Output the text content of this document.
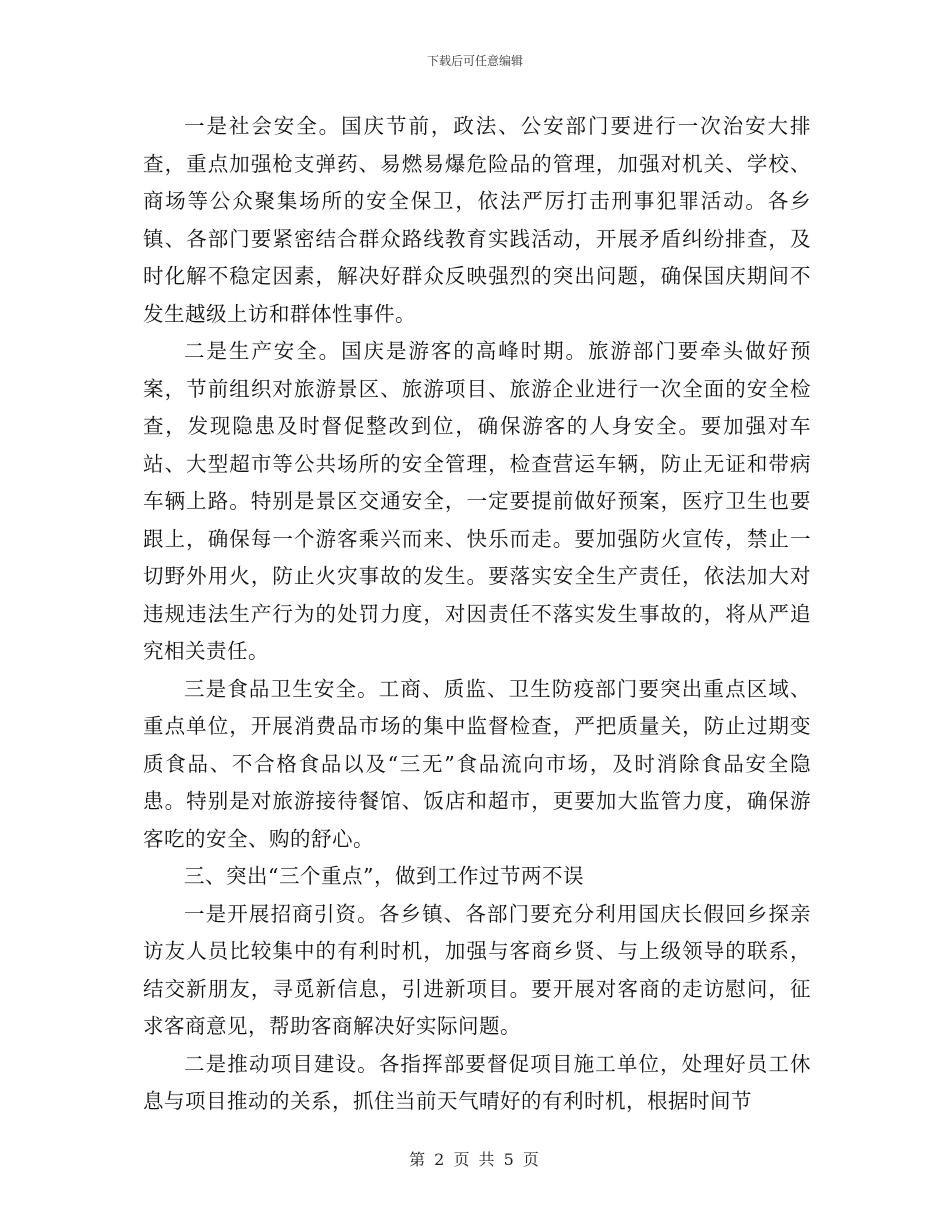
下载后可任意编辑

一是社会安全。国庆节前，政法、公安部门要进行一次治安大排查，重点加强枪支弹药、易燃易爆危险品的管理，加强对机关、学校、商场等公众聚集场所的安全保卫，依法严厉打击刑事犯罪活动。各乡镇、各部门要紧密结合群众路线教育实践活动，开展矛盾纠纷排查，及时化解不稳定因素，解决好群众反映强烈的突出问题，确保国庆期间不发生越级上访和群体性事件。

二是生产安全。国庆是游客的高峰时期。旅游部门要牵头做好预案，节前组织对旅游景区、旅游项目、旅游企业进行一次全面的安全检查，发现隐患及时督促整改到位，确保游客的人身安全。要加强对车站、大型超市等公共场所的安全管理，检查营运车辆，防止无证和带病车辆上路。特别是景区交通安全，一定要提前做好预案，医疗卫生也要跟上，确保每一个游客乘兴而来、快乐而走。要加强防火宣传，禁止一切野外用火，防止火灾事故的发生。要落实安全生产责任，依法加大对违规违法生产行为的处罚力度，对因责任不落实发生事故的，将从严追究相关责任。

三是食品卫生安全。工商、质监、卫生防疫部门要突出重点区域、重点单位，开展消费品市场的集中监督检查，严把质量关，防止过期变质食品、不合格食品以及“三无”食品流向市场，及时消除食品安全隐患。特别是对旅游接待餐馆、饭店和超市，更要加大监管力度，确保游客吃的安全、购的舒心。

三、突出“三个重点”，做到工作过节两不误

一是开展招商引资。各乡镇、各部门要充分利用国庆长假回乡探亲访友人员比较集中的有利时机，加强与客商乡贤、与上级领导的联系，结交新朋友，寻觅新信息，引进新项目。要开展对客商的走访慰问，征求客商意见，帮助客商解决好实际问题。

二是推动项目建设。各指挥部要督促项目施工单位，处理好员工休息与项目推动的关系，抓住当前天气晴好的有利时机，根据时间节

第 2 页 共 5 页
